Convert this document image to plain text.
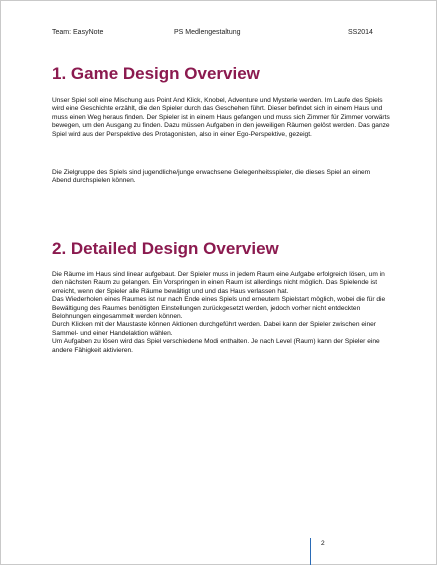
Team: EasyNote	PS Medlengestaltung	SS2014
1. Game Design Overview

Unser Spiel soll eine Mischung aus Point And Klick, Knobel, Adventure und Mysterie werden. Im Laufe des Spiels wird eine Geschichte erzählt, die den Spieler durch das Geschehen führt. Dieser befindet sich in einem Haus und muss einen Weg heraus finden. Der Spieler ist in einem Haus gefangen und muss sich Zimmer für Zimmer vorwärts bewegen, um den Ausgang zu finden. Dazu müssen Aufgaben in den jeweiligen Räumen gelöst werden. Das ganze Spiel wird aus der Perspektive des Protagonisten, also in einer Ego-Perspektive, gezeigt.

Die Zielgruppe des Spiels sind jugendliche/junge erwachsene Gelegenheitsspieler, die dieses Spiel an einem Abend durchspielen können.

2. Detailed Design Overview

Die Räume im Haus sind linear aufgebaut. Der Spieler muss in jedem Raum eine Aufgabe erfolgreich lösen, um in den nächsten Raum zu gelangen. Ein Vorspringen in einen Raum ist allerdings nicht möglich. Das Spielende ist erreicht, wenn der Spieler alle Räume bewältigt und und das Haus verlassen hat.
Das Wiederholen eines Raumes ist nur nach Ende eines Spiels und erneutem Spielstart möglich, wobei die für die Bewältigung des Raumes benötigten Einstellungen zurückgesetzt werden, jedoch vorher nicht entdeckten Belohnungen eingesammelt werden können.
Durch Klicken mit der Maustaste können Aktionen durchgeführt werden. Dabei kann der Spieler zwischen einer Sammel- und einer Handelaktion wählen.
Um Aufgaben zu lösen wird das Spiel verschiedene Modi enthalten. Je nach Level (Raum) kann der Spieler eine andere Fähigkeit aktivieren.

2
